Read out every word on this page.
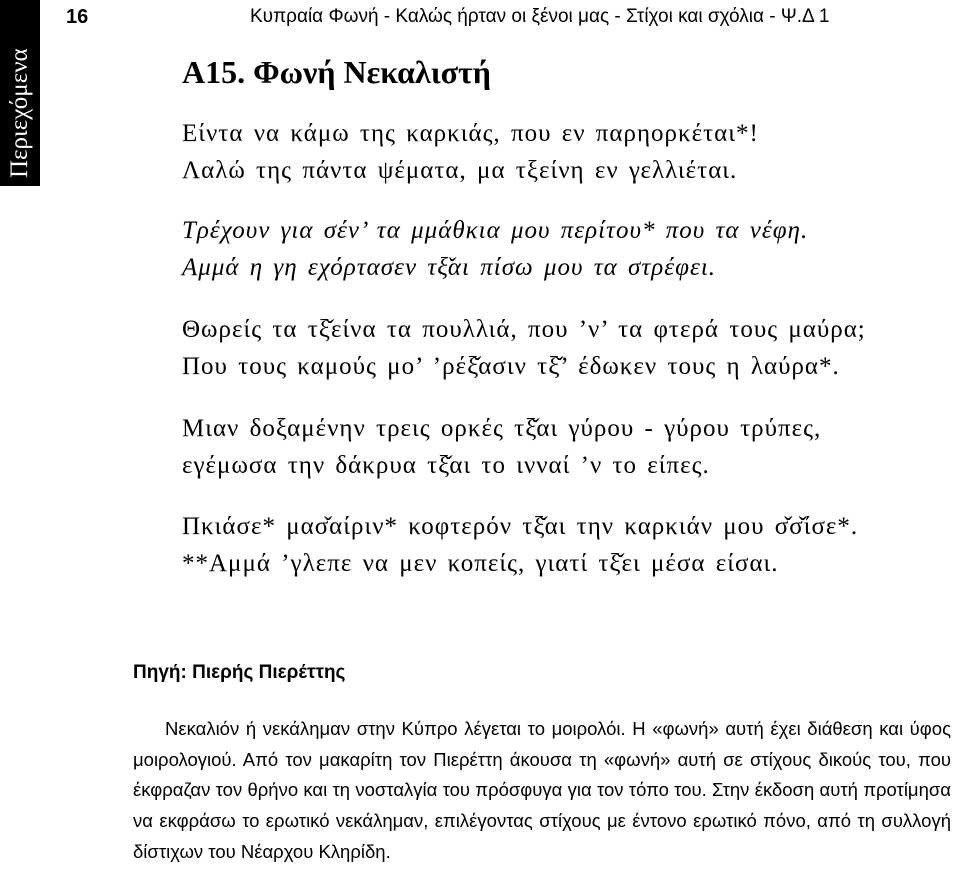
Περιεχόμενα
16	Κυπραία Φωνή - Καλώς ήρταν οι ξένοι μας - Στίχοι και σχόλια - Ψ.Δ 1
Α15. Φωνή Νεκαλιστή

Είντα να κάμω της καρκιάς, που εν παρηορκέται*!
Λαλώ της πάντα ψέματα, μα τξείνη εν γελλιέται.

Τρέχουν για σέν’ τα μμάθκια μου περίτου* που τα νέφη.
Αμμά η γη εχόρτασεν τξ̌αι πίσω μου τα στρέφει.

Θωρείς τα τξ̌είνα τα πουλλιά, που ’ν’ τα φτερά τους μαύρα;
Που τους καμούς μο’ ’ρέξ̌ασιν τξ̌’ έδωκεν τους η λαύρα*.

Μιαν δοξαμένην τρεις ορκές τξ̌αι γύρου - γύρου τρύπες,
εγέμωσα την δάκρυα τξ̌αι το ινναί ’ν το είπες.

Πκιάσε* μασ̌αίριν* κοφτερόν τξ̌αι την καρκιάν μου σ̌σ̌ίσε*.
**Αμμά ’γλεπε να μεν κοπείς, γιατί τξ̌ει μέσα είσαι.

Πηγή: Πιερής Πιερέττης

Νεκαλιόν ή νεκάλημαν στην Κύπρο λέγεται το μοιρολόι. Η «φωνή» αυτή έχει διάθεση και ύφος μοιρολογιού. Από τον μακαρίτη τον Πιερέττη άκουσα τη «φωνή» αυτή σε στίχους δικούς του, που έκφραζαν τον θρήνο και τη νοσταλγία του πρόσφυγα για τον τόπο του. Στην έκδοση αυτή προτίμησα να εκφράσω το ερωτικό νεκάλημαν, επιλέγοντας στίχους με έντονο ερωτικό πόνο, από τη συλλογή δίστιχων του Νέαρχου Κληρίδη.
